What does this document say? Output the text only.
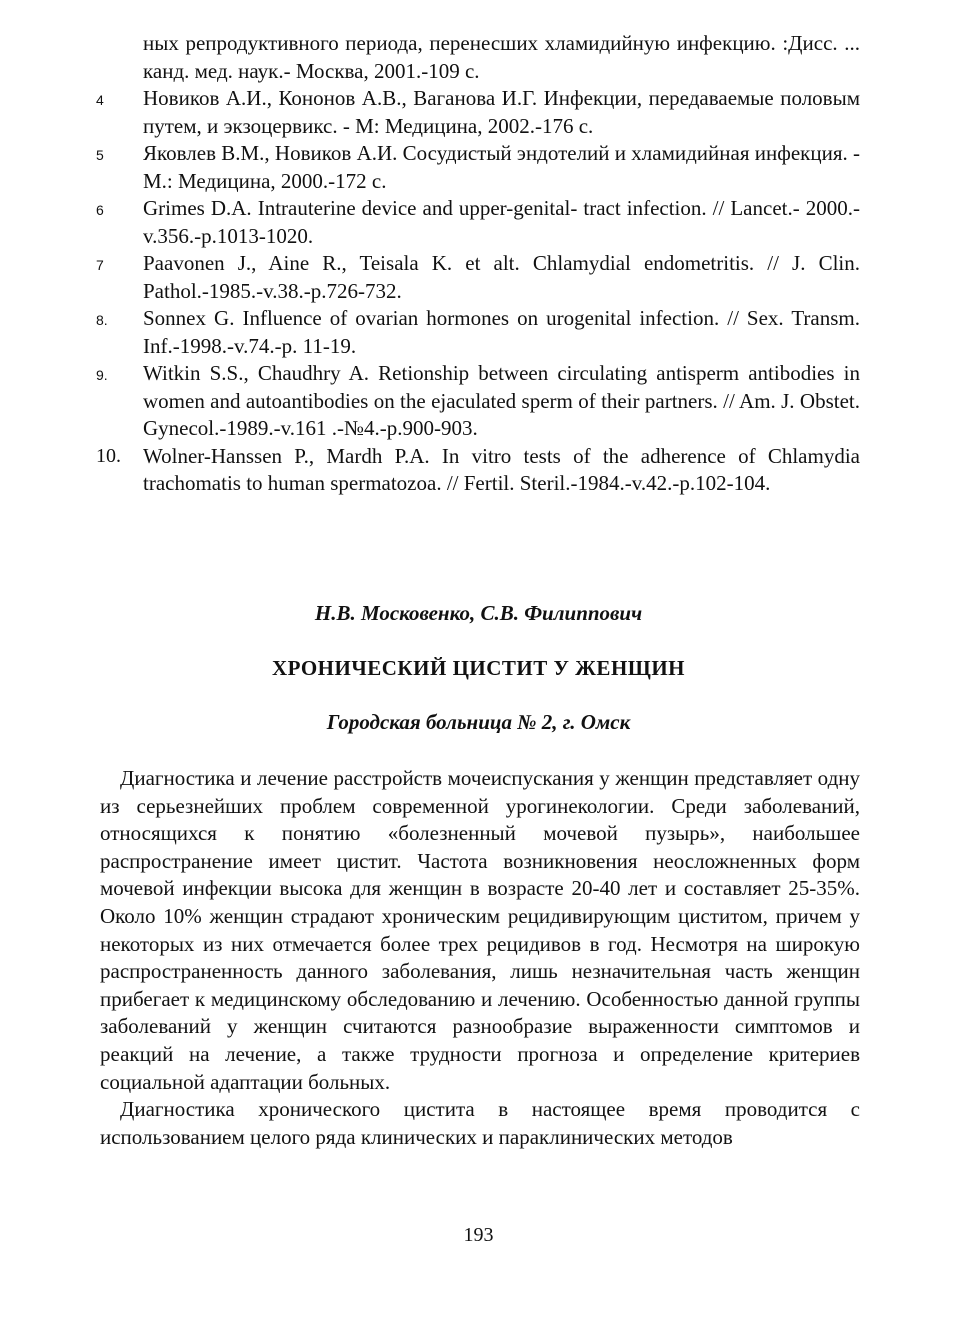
ных репродуктивного периода, перенесших хламидийную инфекцию. :Дисс. ... канд. мед. наук.- Москва, 2001.-109 с.
4	Новиков А.И., Кононов А.В., Ваганова И.Г. Инфекции, передаваемые половым путем, и экзоцервикс. - М: Медицина, 2002.-176 с.
5	Яковлев В.М., Новиков А.И. Сосудистый эндотелий и хламидийная инфекция. - М.: Медицина, 2000.-172 с.
6	Grimes D.A. Intrauterine device and upper-genital- tract infection. // Lancet.- 2000.-v.356.-p.1013-1020.
7	Paavonen J., Aine R., Teisala K. et alt. Chlamydial endometritis. // J. Clin. Pathol.-1985.-v.38.-p.726-732.
8.	Sonnex G. Influence of ovarian hormones on urogenital infection. // Sex. Transm. Inf.-1998.-v.74.-p. 11-19.
9.	Witkin S.S., Chaudhry A. Retionship between circulating antisperm antibodies in women and autoantibodies on the ejaculated sperm of their partners. // Am. J. Obstet. Gynecol.-1989.-v.161 .-№4.-p.900-903.
10.	Wolner-Hanssen P., Mardh P.A. In vitro tests of the adherence of Chlamydia trachomatis to human spermatozoa. // Fertil. Steril.-1984.-v.42.-p.102-104.
Н.В. Московенко, С.В. Филиппович
ХРОНИЧЕСКИЙ ЦИСТИТ У ЖЕНЩИН
Городская больница № 2, г. Омск

Диагностика и лечение расстройств мочеиспускания у женщин представляет одну из серьезнейших проблем современной урогинекологии. Среди заболеваний, относящихся к понятию «болезненный мочевой пузырь», наибольшее распространение имеет цистит. Частота возникновения неосложненных форм мочевой инфекции высока для женщин в возрасте 20-40 лет и составляет 25-35%. Около 10% женщин страдают хроническим рецидивирующим циститом, причем у некоторых из них отмечается более трех рецидивов в год. Несмотря на широкую распространенность данного заболевания, лишь незначительная часть женщин прибегает к медицинскому обследованию и лечению. Особенностью данной группы заболеваний у женщин считаются разнообразие выраженности симптомов и реакций на лечение, а также трудности прогноза и определение критериев социальной адаптации больных.

Диагностика хронического цистита в настоящее время проводится с использованием целого ряда клинических и параклинических методов

193
